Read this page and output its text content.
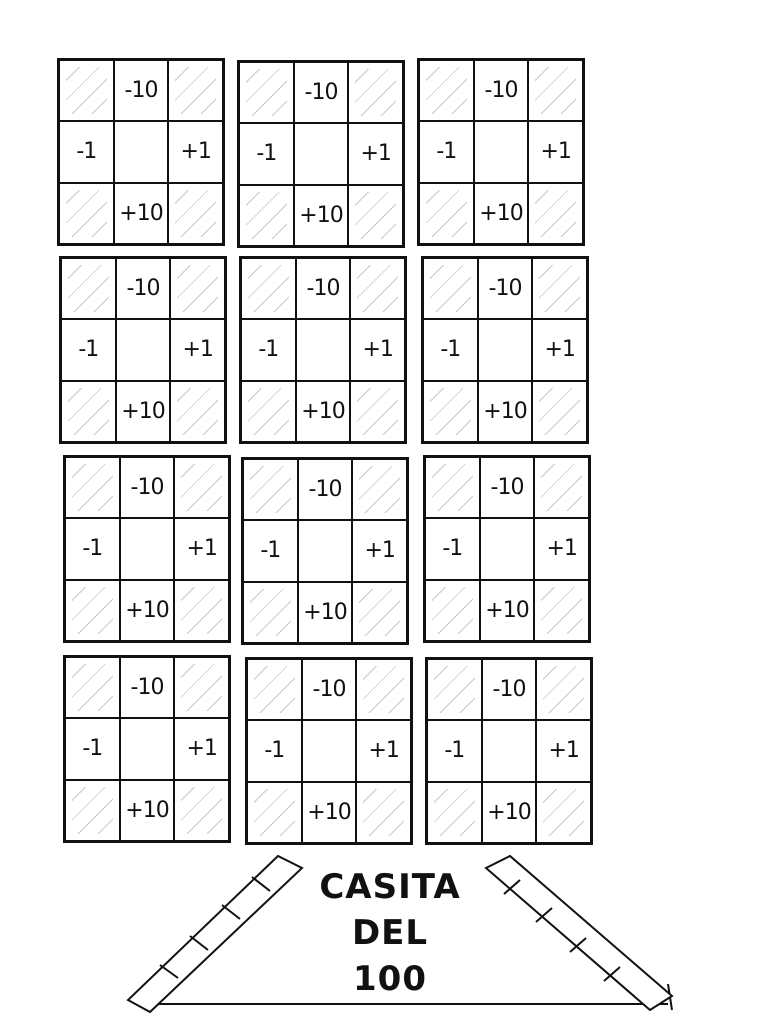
-10
-1	+1
+10
-10
-1	+1
+10
-10
-1	+1
+10
-10
-1	+1
+10
-10
-1	+1
+10
-10
-1	+1
+10
-10
-1	+1
+10
-10
-1	+1
+10
-10
-1	+1
+10
-10
-1	+1
+10
-10
-1	+1
+10
-10
-1	+1
+10
CASITA
DEL
100
